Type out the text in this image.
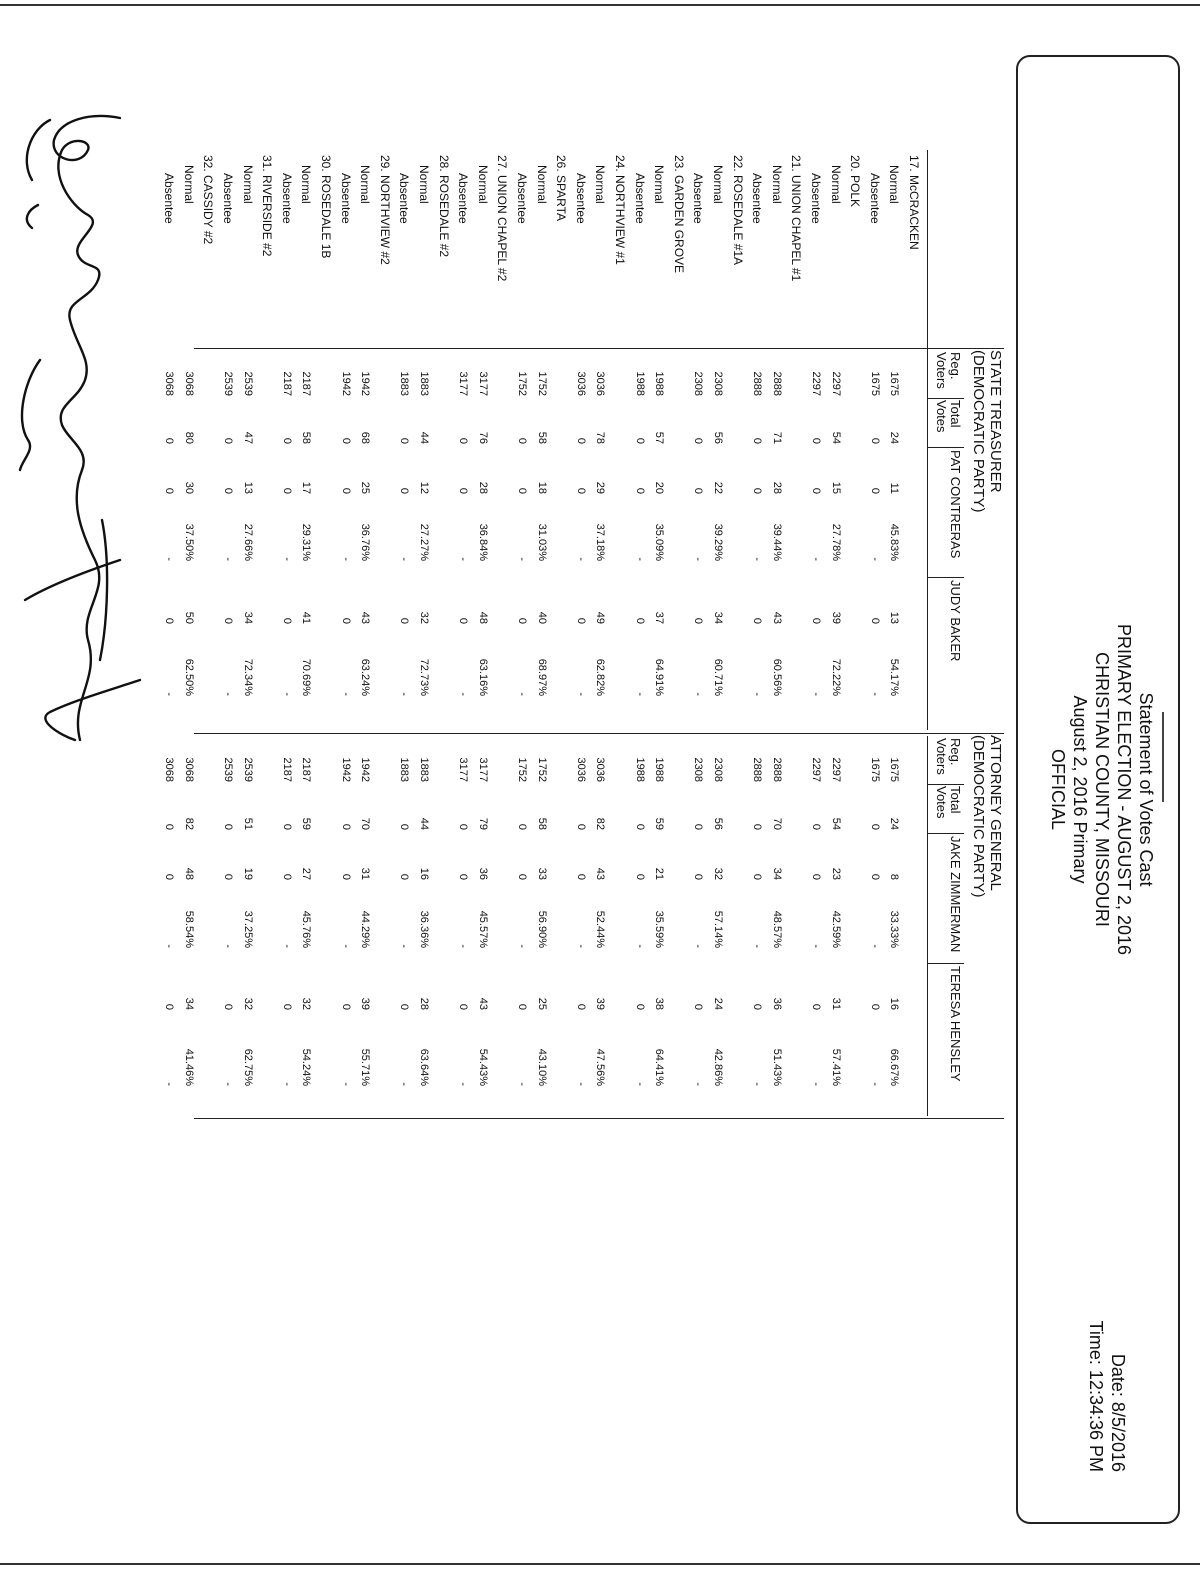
Statement of Votes Cast
PRIMARY ELECTION - AUGUST 2, 2016
CHRISTIAN COUNTY, MISSOURI
August 2, 2016 Primary
OFFICIAL
Date: 8/5/2016
Time: 12:34:36 PM
STATE TREASURER
(DEMOCRATIC PARTY)
Reg. Voters
Total Votes
PAT CONTRERAS
JUDY BAKER
ATTORNEY GENERAL
(DEMOCRATIC PARTY)
Reg. Voters
Total Votes
JAKE ZIMMERMAN
TERESA HENSLEY
17. McCRACKEN
Normal
1675
24
11
45.83%
13
54.17%
1675
24
8
33.33%
16
66.67%
Absentee
1675
0
0
-
0
-
1675
0
0
-
0
-
20. POLK
Normal
2297
54
15
27.78%
39
72.22%
2297
54
23
42.59%
31
57.41%
Absentee
2297
0
0
-
0
-
2297
0
0
-
0
-
21. UNION CHAPEL #1
Normal
2888
71
28
39.44%
43
60.56%
2888
70
34
48.57%
36
51.43%
Absentee
2888
0
0
-
0
-
2888
0
0
-
0
-
22. ROSEDALE #1A
Normal
2308
56
22
39.29%
34
60.71%
2308
56
32
57.14%
24
42.86%
Absentee
2308
0
0
-
0
-
2308
0
0
-
0
-
23. GARDEN GROVE
Normal
1988
57
20
35.09%
37
64.91%
1988
59
21
35.59%
38
64.41%
Absentee
1988
0
0
-
0
-
1988
0
0
-
0
-
24. NORTHVIEW #1
Normal
3036
78
29
37.18%
49
62.82%
3036
82
43
52.44%
39
47.56%
Absentee
3036
0
0
-
0
-
3036
0
0
-
0
-
26. SPARTA
Normal
1752
58
18
31.03%
40
68.97%
1752
58
33
56.90%
25
43.10%
Absentee
1752
0
0
-
0
-
1752
0
0
-
0
-
27. UNION CHAPEL #2
Normal
3177
76
28
36.84%
48
63.16%
3177
79
36
45.57%
43
54.43%
Absentee
3177
0
0
-
0
-
3177
0
0
-
0
-
28. ROSEDALE #2
Normal
1883
44
12
27.27%
32
72.73%
1883
44
16
36.36%
28
63.64%
Absentee
1883
0
0
-
0
-
1883
0
0
-
0
-
29. NORTHVIEW #2
Normal
1942
68
25
36.76%
43
63.24%
1942
70
31
44.29%
39
55.71%
Absentee
1942
0
0
-
0
-
1942
0
0
-
0
-
30. ROSEDALE 1B
Normal
2187
58
17
29.31%
41
70.69%
2187
59
27
45.76%
32
54.24%
Absentee
2187
0
0
-
0
-
2187
0
0
-
0
-
31. RIVERSIDE #2
Normal
2539
47
13
27.66%
34
72.34%
2539
51
19
37.25%
32
62.75%
Absentee
2539
0
0
-
0
-
2539
0
0
-
0
-
32. CASSIDY #2
Normal
3068
80
30
37.50%
50
62.50%
3068
82
48
58.54%
34
41.46%
Absentee
3068
0
0
-
0
-
3068
0
0
-
0
-
